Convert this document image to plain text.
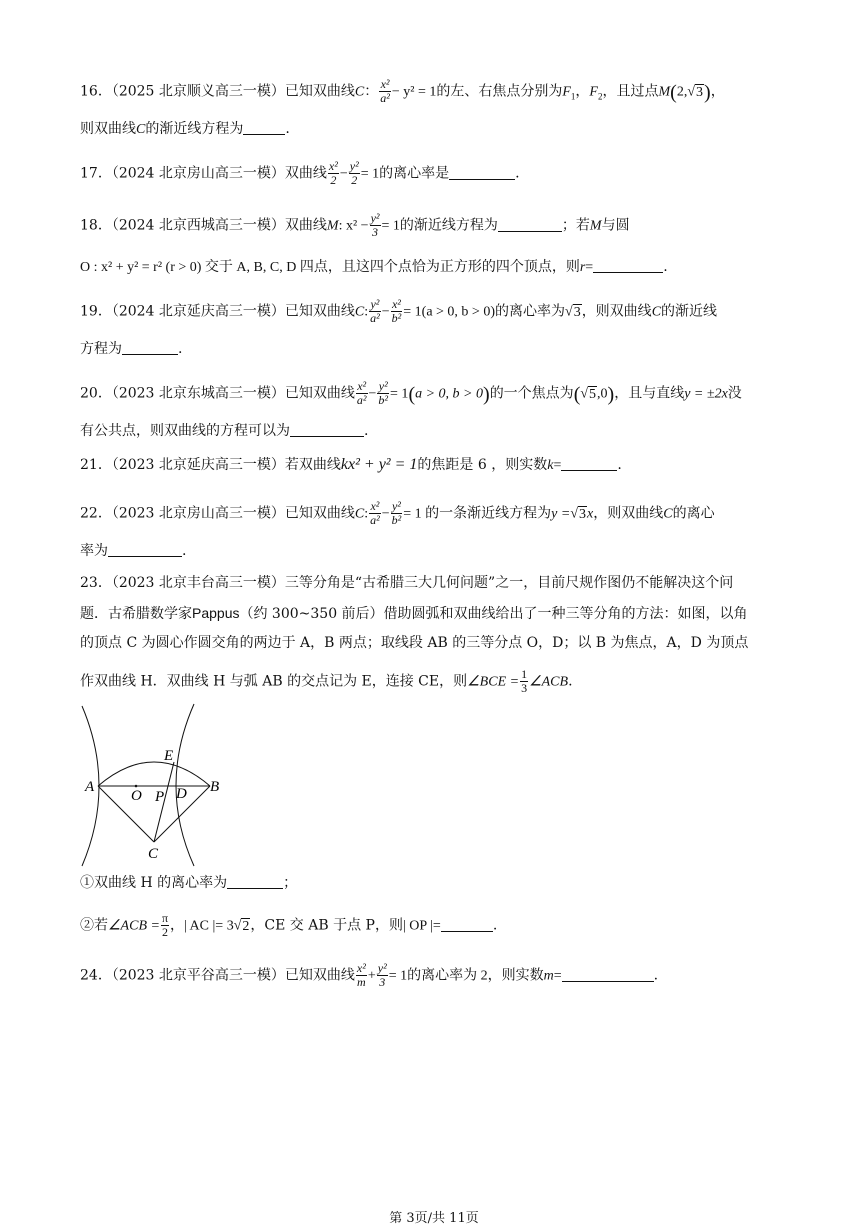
16．（2025 北京顺义高三一模）已知双曲线C： $\frac{\text{x²}}{\text{a²}} - y^2 = 1$的左、右焦点分别为$F_1$，$F_2$，且过点M(2,√3)，
则双曲线C的渐近线方程为	.
17．（2024 北京房山高三一模）双曲线 $\frac{\text{x²}}{2} - \frac{\text{y²}}{2} = 1$的离心率是	.
18．（2024 北京西城高三一模）双曲线M: $x^2 - \frac{\text{y²}}{3} = 1$的渐近线方程为	；若M与圆
O : x² + y² = r² (r > 0) 交于 A, B, C, D 四点，且这四个点恰为正方形的四个顶点，则r=	.
19．（2024 北京延庆高三一模）已知双曲线C: $\frac{\text{y²}}{\text{a²}} - \frac{\text{x²}}{\text{b²}} = 1(a > 0$, b > 0)的离心率为√3，则双曲线C的渐近线
方程为	.
20．（2023 北京东城高三一模）已知双曲线 $\frac{\text{x²}}{\text{a²}} - \frac{\text{y²}}{\text{b²}} = 1(a > 0$, b > 0)的一个焦点为(√5,0)，且与直线y = ±2x没
有公共点，则双曲线的方程可以为	.
21．（2023 北京延庆高三一模）若双曲线kx² + y² = 1的焦距是 6 ，则实数k=	.
22．（2023 北京房山高三一模）已知双曲线C: $\frac{\text{x²}}{\text{a²}} - \frac{\text{y²}}{\text{b²}} = 1$ 的一条渐近线方程为y =√3x，则双曲线C的离心
率为	.
23．（2023 北京丰台高三一模）三等分角是“古希腊三大几何问题”之一，目前尺规作图仍不能解决这个问
题．古希腊数学家Pappus（约 300~350 前后）借助圆弧和双曲线给出了一种三等分角的方法：如图，以角
的顶点 C 为圆心作圆交角的两边于 A，B 两点；取线段 AB 的三等分点 O，D；以 B 为焦点，A，D 为顶点
作双曲线 H．双曲线 H 与弧 AB 的交点记为 E，连接 CE，则∠BCE = $\frac{1}{3}$ ∠ACB.
A	B
C
D
E
O P
①双曲线 H 的离心率为	；
②若∠ACB = $\frac{\pi}{2}$ ，| AC |= 3√2，CE 交 AB 于点 P，则| OP |=	.
24．（2023 北京平谷高三一模）已知双曲线 $\frac{\text{x²}}{m} + \frac{\text{y²}}{3} = 1$的离心率为 2，则实数m=	.
第 3页/共 11页
